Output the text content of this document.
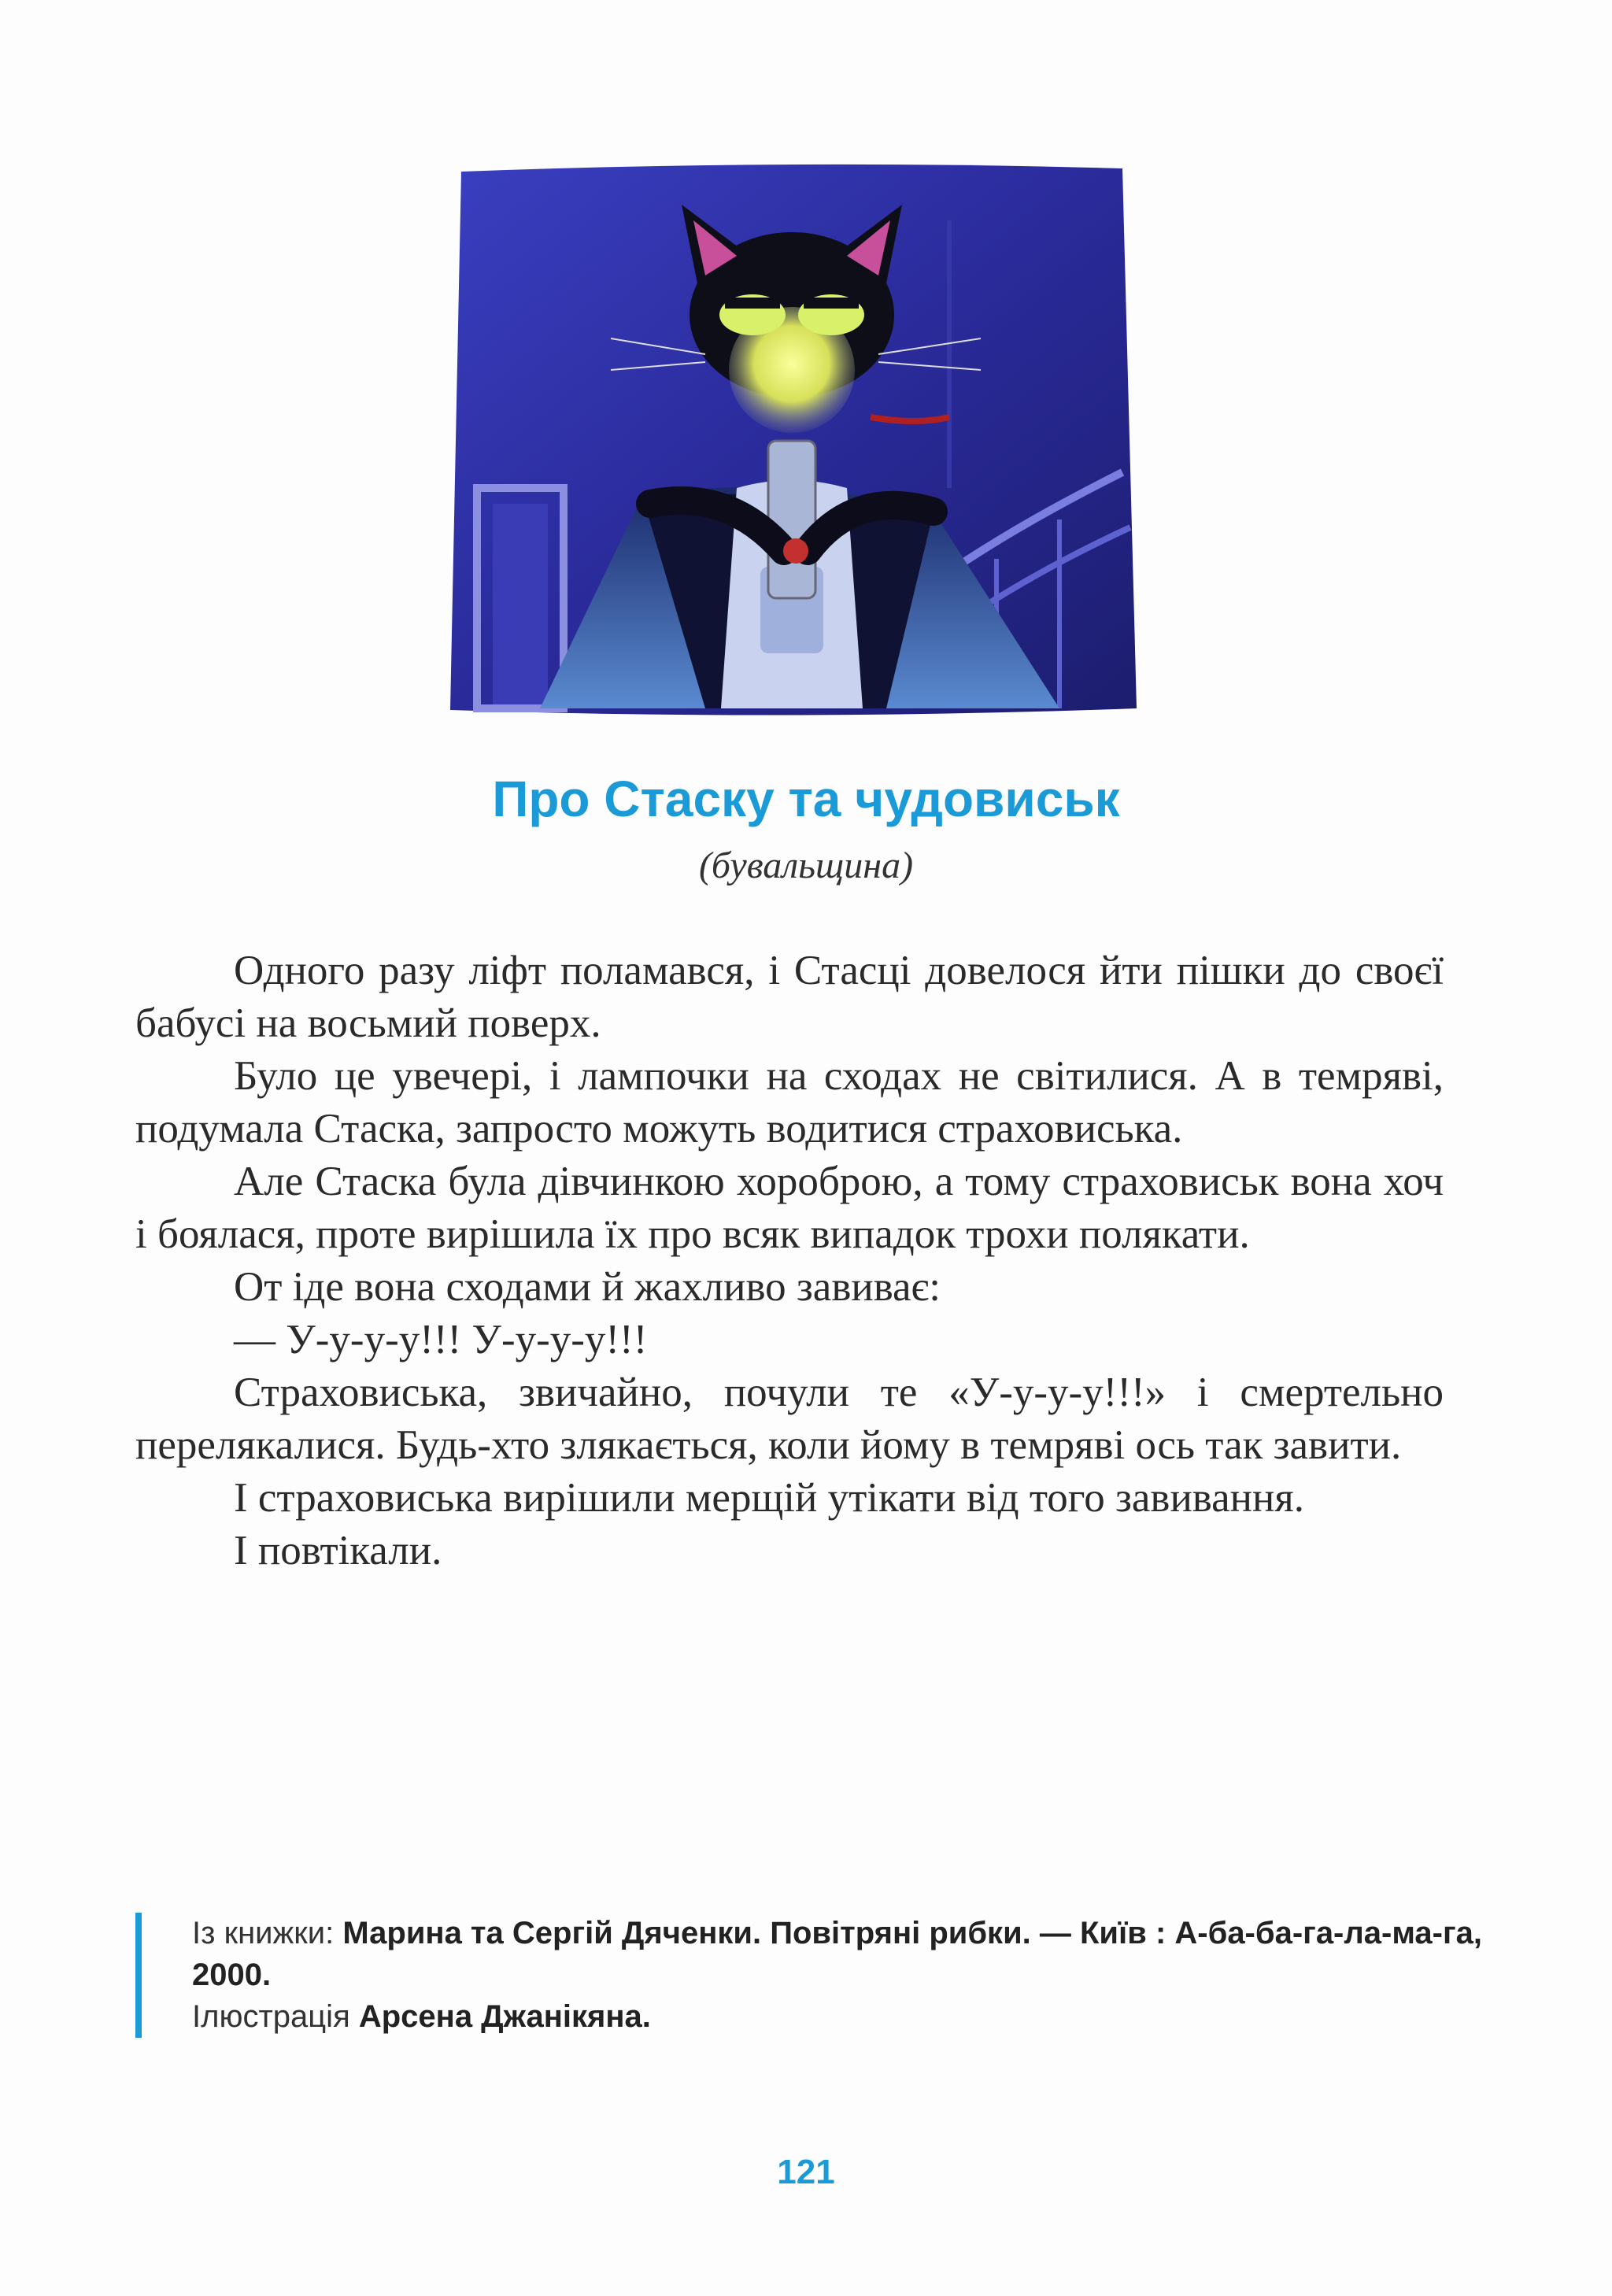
Про Стаску та чудовиськ
(бувальщина)

Одного разу ліфт поламався, і Стасці довелося йти пішки до своєї бабусі на восьмий поверх.

Було це увечері, і лампочки на сходах не світилися. А в темряві, подумала Стаска, запросто можуть водитися страховиська.

Але Стаска була дівчинкою хороброю, а тому страховиськ вона хоч і боялася, проте вирішила їх про всяк випадок трохи полякати.

От іде вона сходами й жахливо завиває:

— У-у-у-у!!! У-у-у-у!!!

Страховиська, звичайно, почули те «У-у-у-у!!!» і смертельно перелякалися. Будь-хто злякається, коли йому в темряві ось так завити.

І страховиська вирішили мерщій утікати від того завивання.

І повтікали.

Із книжки: Марина та Сергій Дяченки. Повітряні рибки. — Київ : А-ба-ба-га-ла-ма-га, 2000.
Ілюстрація Арсена Джанікяна.
121
